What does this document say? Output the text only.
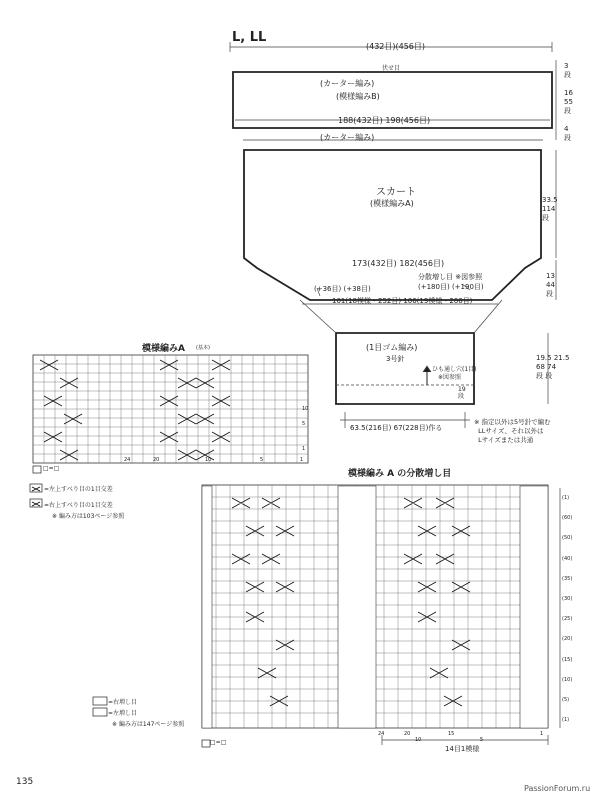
L, LL
(432目)(456目)
伏せ目
(カーター編み)
(模様編みB)
188(432目) 198(456目)
3
段

16
55
段

4
段
(カーター編み)
スカート
(模様編みA)
173(432目) 182(456目)
33.5
114
段
13
44
段
分散増し目 ※図参照
(+180目) (+190目)
(+36目) (+38目)
101(18模様・252目) 106(19模様・266目)
(1目ゴム編み)
3号針
ひも通し穴(1目)
※図参照
19
段
19.5 21.5
68 74
段 段
63.5(216目) 67(228目)作る
※ 指定以外は5号針で編む
LLサイズ、それ以外は
Lサイズまたは共通
模様編みA (基本)
24	20	10	5	1
10
5
1
□=□
=左上すべり目の1目交差
=右上すべり目の1目交差
※ 編み方は103ページ参照
模様編み A の分散増し目
(1)
(60)
(50)
(40)
(35)
(30)
(25)
(20)
(15)
(10)
(5)
(1)
24	20	15
10	5
1
14目1模様
□=□
=右増し目
=左増し目
※ 編み方は147ページ参照
135
PassionForum.ru
